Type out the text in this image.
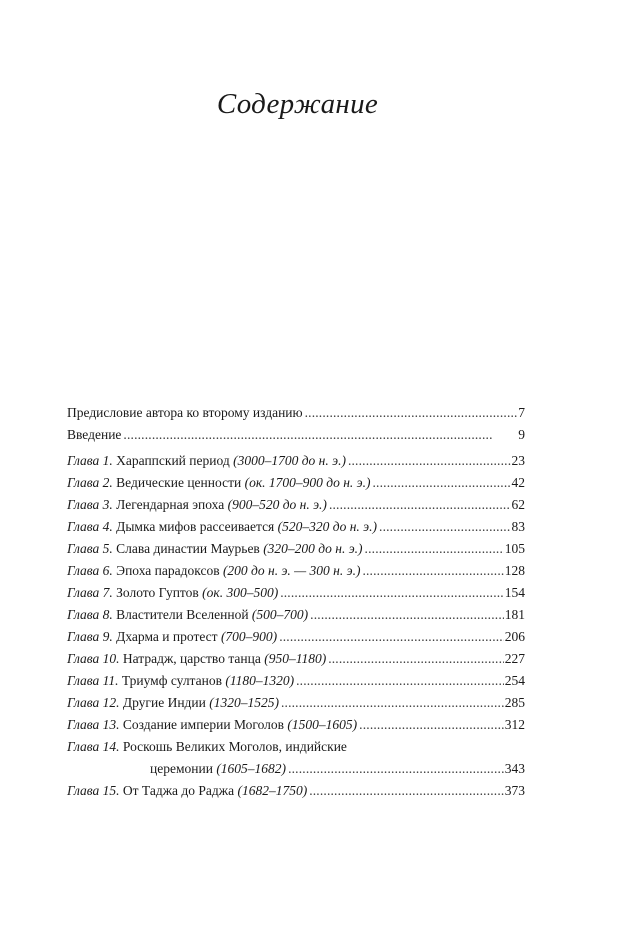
Содержание
Предисловие автора ко второму изданию . . .	7
Введение . . .	9
Глава 1. Хараппский период (3000–1700 до н. э.) . . .	23
Глава 2. Ведические ценности (ок. 1700–900 до н. э.) . . .	42
Глава 3. Легендарная эпоха (900–520 до н. э.) . . .	62
Глава 4. Дымка мифов рассеивается (520–320 до н. э.) . . .	83
Глава 5. Слава династии Маурьев (320–200 до н. э.) . . .	105
Глава 6. Эпоха парадоксов (200 до н. э. — 300 н. э.) . . .	128
Глава 7. Золото Гуптов (ок. 300–500) . . .	154
Глава 8. Властители Вселенной (500–700) . . .	181
Глава 9. Дхарма и протест (700–900) . . .	206
Глава 10. Натрадж, царство танца (950–1180) . . .	227
Глава 11. Триумф султанов (1180–1320) . . .	254
Глава 12. Другие Индии (1320–1525) . . .	285
Глава 13. Создание империи Моголов (1500–1605) . . .	312
Глава 14. Роскошь Великих Моголов, индийские
церемонии (1605–1682) . . .	343
Глава 15. От Таджа до Раджа (1682–1750) . . .	373
